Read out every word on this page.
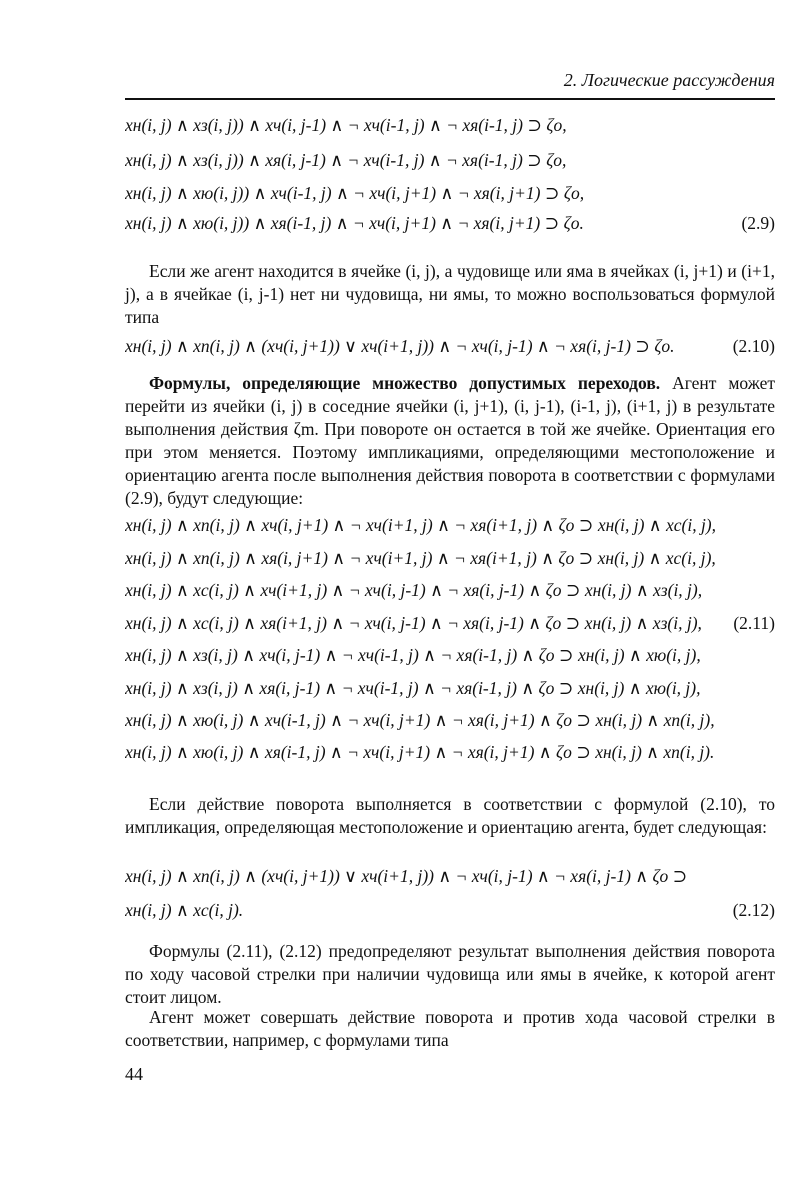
2. Логические рассуждения
xн(i, j) ∧ xз(i, j)) ∧ xч(i, j-1) ∧ ¬ xч(i-1, j) ∧ ¬ xя(i-1, j) ⊃ ζо,
xн(i, j) ∧ xз(i, j)) ∧ xя(i, j-1) ∧ ¬ xч(i-1, j) ∧ ¬ xя(i-1, j) ⊃ ζо,
xн(i, j) ∧ xю(i, j)) ∧ xч(i-1, j) ∧ ¬ xч(i, j+1) ∧ ¬ xя(i, j+1) ⊃ ζо,
xн(i, j) ∧ xю(i, j)) ∧ xя(i-1, j) ∧ ¬ xч(i, j+1) ∧ ¬ xя(i, j+1) ⊃ ζо.	(2.9)
Если же агент находится в ячейке (i, j), а чудовище или яма в ячейках (i, j+1) и (i+1, j), а в ячейкае (i, j-1) нет ни чудовища, ни ямы, то можно воспользоваться формулой типа
xн(i, j) ∧ xп(i, j) ∧ (xч(i, j+1)) ∨ xч(i+1, j)) ∧ ¬ xч(i, j-1) ∧ ¬ xя(i, j-1) ⊃ ζо.	(2.10)
Формулы, определяющие множество допустимых переходов. Агент может перейти из ячейки (i, j) в соседние ячейки (i, j+1), (i, j-1), (i-1, j), (i+1, j) в результате выполнения действия ζm. При повороте он остается в той же ячейке. Ориентация его при этом меняется. Поэтому импликациями, определяющими местоположение и ориентацию агента после выполнения действия поворота в соответствии с формулами (2.9), будут следующие:
xн(i, j) ∧ xп(i, j) ∧ xч(i, j+1) ∧ ¬ xч(i+1, j) ∧ ¬ xя(i+1, j) ∧ ζо ⊃ xн(i, j) ∧ xс(i, j),
xн(i, j) ∧ xп(i, j) ∧ xя(i, j+1) ∧ ¬ xч(i+1, j) ∧ ¬ xя(i+1, j) ∧ ζо ⊃ xн(i, j) ∧ xс(i, j),
xн(i, j) ∧ xс(i, j) ∧ xч(i+1, j) ∧ ¬ xч(i, j-1) ∧ ¬ xя(i, j-1) ∧ ζо ⊃ xн(i, j) ∧ xз(i, j),
xн(i, j) ∧ xс(i, j) ∧ xя(i+1, j) ∧ ¬ xч(i, j-1) ∧ ¬ xя(i, j-1) ∧ ζо ⊃ xн(i, j) ∧ xз(i, j), (2.11)
xн(i, j) ∧ xз(i, j) ∧ xч(i, j-1) ∧ ¬ xч(i-1, j) ∧ ¬ xя(i-1, j) ∧ ζо ⊃ xн(i, j) ∧ xю(i, j),
xн(i, j) ∧ xз(i, j) ∧ xя(i, j-1) ∧ ¬ xч(i-1, j) ∧ ¬ xя(i-1, j) ∧ ζо ⊃ xн(i, j) ∧ xю(i, j),
xн(i, j) ∧ xю(i, j) ∧ xч(i-1, j) ∧ ¬ xч(i, j+1) ∧ ¬ xя(i, j+1) ∧ ζо ⊃ xн(i, j) ∧ xп(i, j),
xн(i, j) ∧ xю(i, j) ∧ xя(i-1, j) ∧ ¬ xч(i, j+1) ∧ ¬ xя(i, j+1) ∧ ζо ⊃ xн(i, j) ∧ xп(i, j).
Если действие поворота выполняется в соответствии с формулой (2.10), то импликация, определяющая местоположение и ориентацию агента, будет следующая:
xн(i, j) ∧ xп(i, j) ∧ (xч(i, j+1)) ∨ xч(i+1, j)) ∧ ¬ xч(i, j-1) ∧ ¬ xя(i, j-1) ∧ ζо ⊃
xн(i, j) ∧ xс(i, j).	(2.12)
Формулы (2.11), (2.12) предопределяют результат выполнения действия поворота по ходу часовой стрелки при наличии чудовища или ямы в ячейке, к которой агент стоит лицом.
Агент может совершать действие поворота и против хода часовой стрелки в соответствии, например, с формулами типа
44
